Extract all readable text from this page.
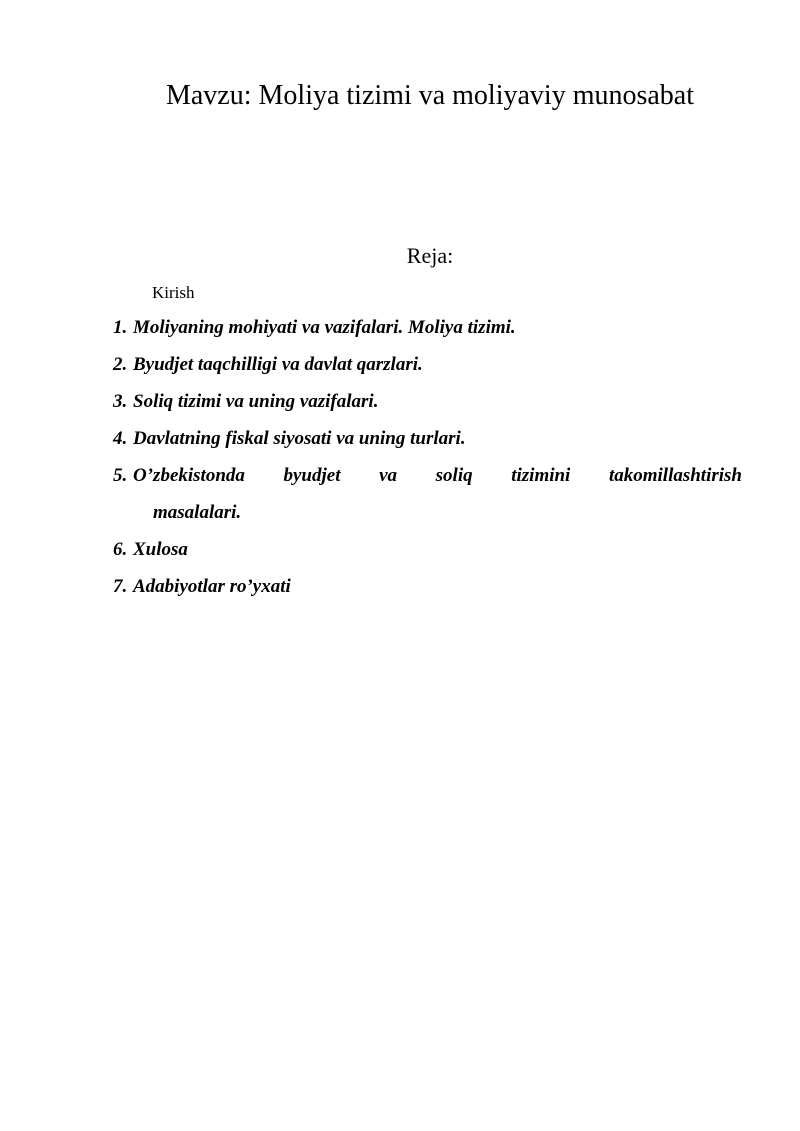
Mavzu: Moliya tizimi va moliyaviy munosabat
Reja:
Kirish
1. Moliyaning mohiyati va vazifalari. Moliya tizimi.
2. Byudjet taqchilligi va davlat qarzlari.
3. Soliq tizimi va uning vazifalari.
4. Davlatning fiskal siyosati va uning turlari.
5. O’zbekistonda byudjet va soliq tizimini takomillashtirish
masalalari.
6. Xulosa
7. Adabiyotlar ro’yxati
